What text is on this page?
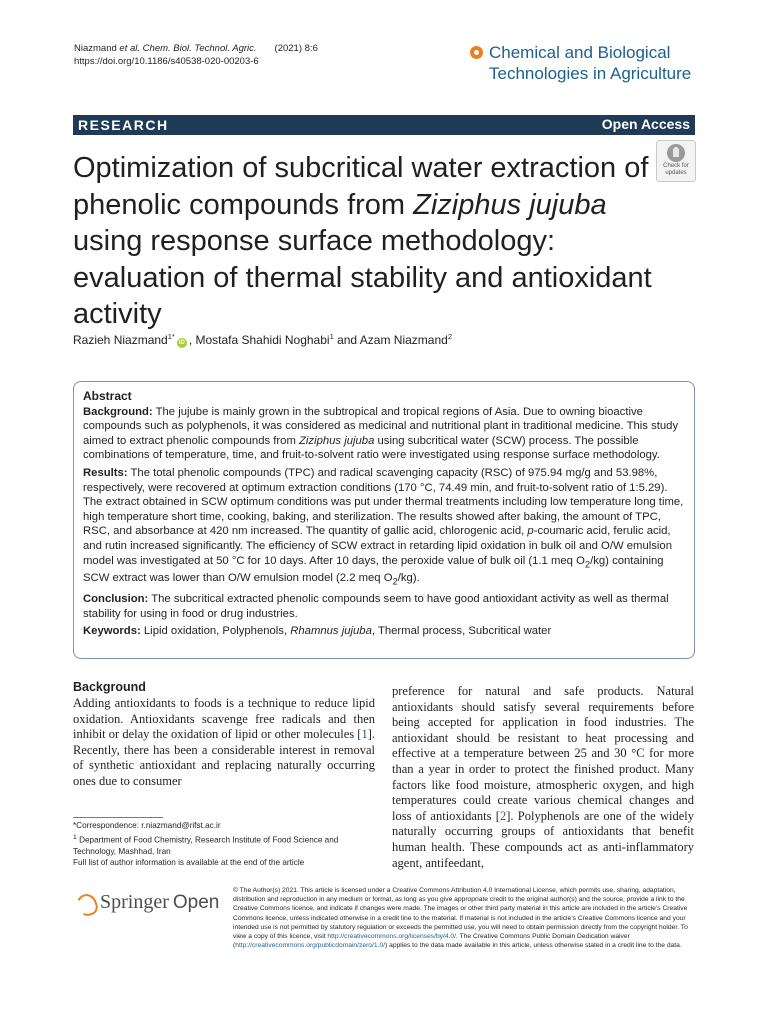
Niazmand et al. Chem. Biol. Technol. Agric. (2021) 8:6
https://doi.org/10.1186/s40538-020-00203-6	Chemical and Biological
Technologies in Agriculture
RESEARCH	Open Access
Optimization of subcritical water extraction of phenolic compounds from Ziziphus jujuba using response surface methodology: evaluation of thermal stability and antioxidant activity
Check for
updates
Razieh Niazmand$^{1*}$iD , Mostafa Shahidi Noghabi$^1$ and Azam Niazmand$^2$
Abstract

Background: The jujube is mainly grown in the subtropical and tropical regions of Asia. Due to owning bioactive compounds such as polyphenols, it was considered as medicinal and nutritional plant in traditional medicine. This study aimed to extract phenolic compounds from Ziziphus jujuba using subcritical water (SCW) process. The possible combinations of temperature, time, and fruit-to-solvent ratio were investigated using response surface methodology.

Results: The total phenolic compounds (TPC) and radical scavenging capacity (RSC) of 975.94 mg/g and 53.98%, respectively, were recovered at optimum extraction conditions (170 °C, 74.49 min, and fruit-to-solvent ratio of 1:5.29). The extract obtained in SCW optimum conditions was put under thermal treatments including low temperature long time, high temperature short time, cooking, baking, and sterilization. The results showed after baking, the amount of TPC, RSC, and absorbance at 420 nm increased. The quantity of gallic acid, chlorogenic acid, p-coumaric acid, ferulic acid, and rutin increased significantly. The efficiency of SCW extract in retarding lipid oxidation in bulk oil and O/W emulsion model was investigated at 50 °C for 10 days. After 10 days, the peroxide value of bulk oil (1.1 meq $O_2/kg$) containing SCW extract was lower than O/W emulsion model (2.2 meq $O_2/kg$).

Conclusion: The subcritical extracted phenolic compounds seem to have good antioxidant activity as well as thermal stability for using in food or drug industries.

Keywords: Lipid oxidation, Polyphenols, Rhamnus jujuba, Thermal process, Subcritical water

Background
Adding antioxidants to foods is a technique to reduce lipid oxidation. Antioxidants scavenge free radicals and then inhibit or delay the oxidation of lipid or other molecules [1]. Recently, there has been a considerable interest in removal of synthetic antioxidant and replacing naturally occurring ones due to consumer
preference for natural and safe products. Natural antioxidants should satisfy several requirements before being accepted for application in food industries. The antioxidant should be resistant to heat processing and effective at a temperature between 25 and 30 °C for more than a year in order to protect the finished product. Many factors like food moisture, atmospheric oxygen, and high temperatures could create various chemical changes and loss of antioxidants [2]. Polyphenols are one of the widely naturally occurring groups of antioxidants that benefit human health. These compounds act as anti-inflammatory agent, antifeedant,
*Correspondence: r.niazmand@rifst.ac.ir
$^1$ Department of Food Chemistry, Research Institute of Food Science and Technology, Mashhad, Iran
Full list of author information is available at the end of the article
Springer Open
© The Author(s) 2021. This article is licensed under a Creative Commons Attribution 4.0 International License, which permits use, sharing, adaptation, distribution and reproduction in any medium or format, as long as you give appropriate credit to the original author(s) and the source, provide a link to the Creative Commons licence, and indicate if changes were made. The images or other third party material in this article are included in the article’s Creative Commons licence, unless indicated otherwise in a credit line to the material. If material is not included in the article’s Creative Commons licence and your intended use is not permitted by statutory regulation or exceeds the permitted use, you will need to obtain permission directly from the copyright holder. To view a copy of this licence, visit http://creativecommons.org/licenses/by/4.0/. The Creative Commons Public Domain Dedication waiver (http://creativecommons.org/publicdomain/zero/1.0/) applies to the data made available in this article, unless otherwise stated in a credit line to the data.
